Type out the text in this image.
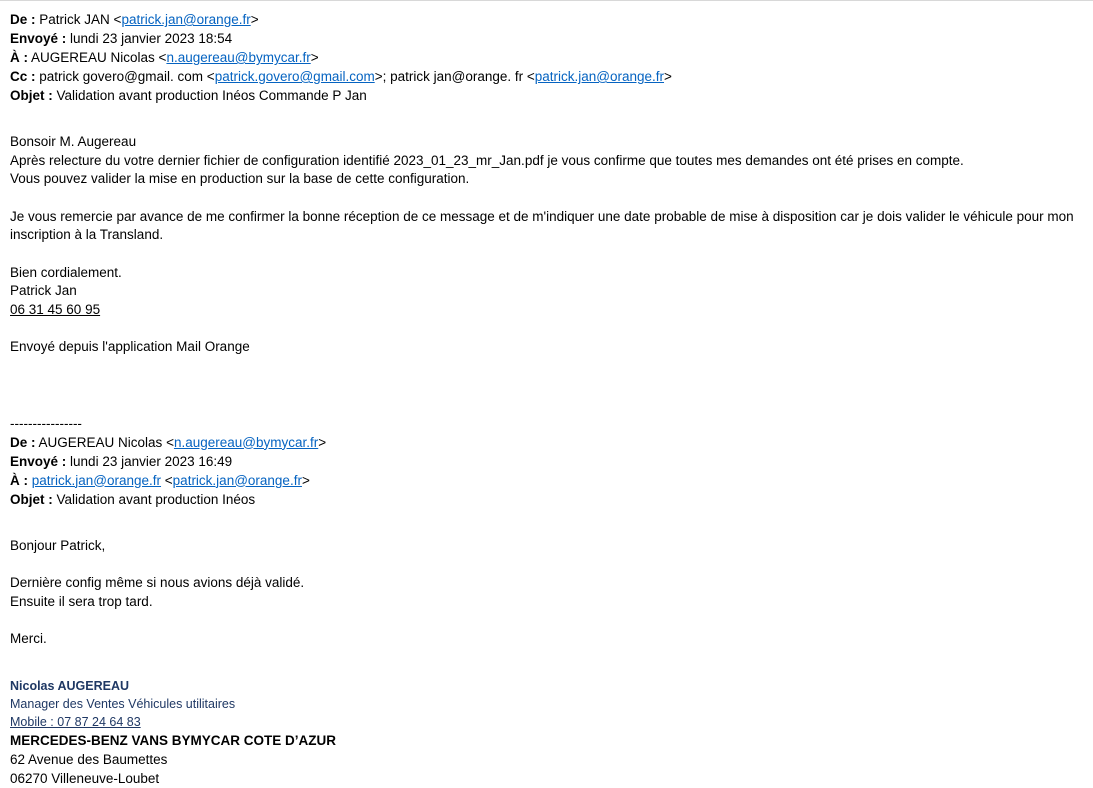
De : Patrick JAN <patrick.jan@orange.fr>
Envoyé : lundi 23 janvier 2023 18:54
À : AUGEREAU Nicolas <n.augereau@bymycar.fr>
Cc : patrick govero@gmail. com <patrick.govero@gmail.com>; patrick jan@orange. fr <patrick.jan@orange.fr>
Objet : Validation avant production Inéos Commande P Jan
Bonsoir M. Augereau
Après relecture du votre dernier fichier de configuration identifié 2023_01_23_mr_Jan.pdf je vous confirme que toutes mes demandes ont été prises en compte.
Vous pouvez valider la mise en production sur la base de cette configuration.
Je vous remercie par avance de me confirmer la bonne réception de ce message et de m'indiquer une date probable de mise à disposition car je dois valider le véhicule pour mon inscription à la Transland.
Bien cordialement.
Patrick Jan
06 31 45 60 95
Envoyé depuis l'application Mail Orange
----------------
De : AUGEREAU Nicolas <n.augereau@bymycar.fr>
Envoyé : lundi 23 janvier 2023 16:49
À : patrick.jan@orange.fr <patrick.jan@orange.fr>
Objet : Validation avant production Inéos
Bonjour Patrick,
Dernière config même si nous avions déjà validé.
Ensuite il sera trop tard.
Merci.
Nicolas AUGEREAU
Manager des Ventes Véhicules utilitaires
Mobile : 07 87 24 64 83
MERCEDES-BENZ VANS BYMYCAR COTE D’AZUR
62 Avenue des Baumettes
06270 Villeneuve-Loubet
